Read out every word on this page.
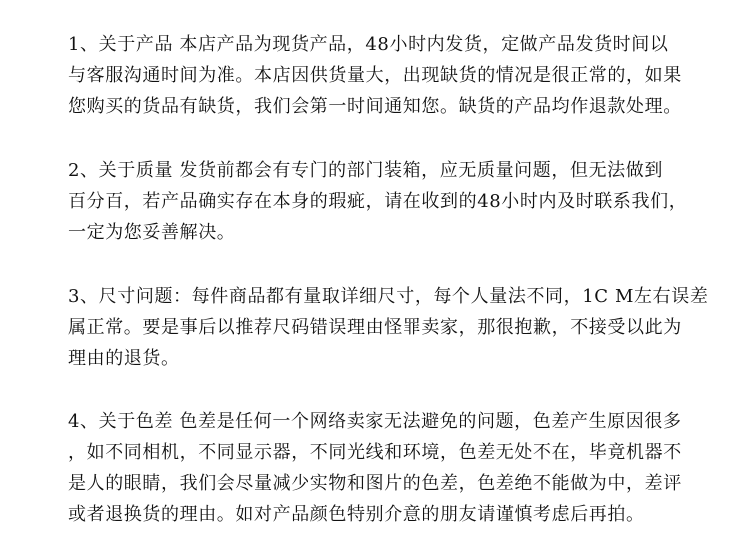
1、关于产品 本店产品为现货产品，48小时内发货，定做产品发货时间以
与客服沟通时间为准。本店因供货量大，出现缺货的情况是很正常的，如果
您购买的货品有缺货，我们会第一时间通知您。缺货的产品均作退款处理。
2、关于质量 发货前都会有专门的部门装箱，应无质量问题，但无法做到
百分百，若产品确实存在本身的瑕疵，请在收到的48小时内及时联系我们，
一定为您妥善解决。
3、尺寸问题：每件商品都有量取详细尺寸，每个人量法不同，1C M左右误差
属正常。要是事后以推荐尺码错误理由怪罪卖家，那很抱歉，不接受以此为
理由的退货。
4、关于色差 色差是任何一个网络卖家无法避免的问题，色差产生原因很多
，如不同相机，不同显示器，不同光线和环境，色差无处不在，毕竟机器不
是人的眼睛，我们会尽量减少实物和图片的色差，色差绝不能做为中，差评
或者退换货的理由。如对产品颜色特别介意的朋友请谨慎考虑后再拍。
